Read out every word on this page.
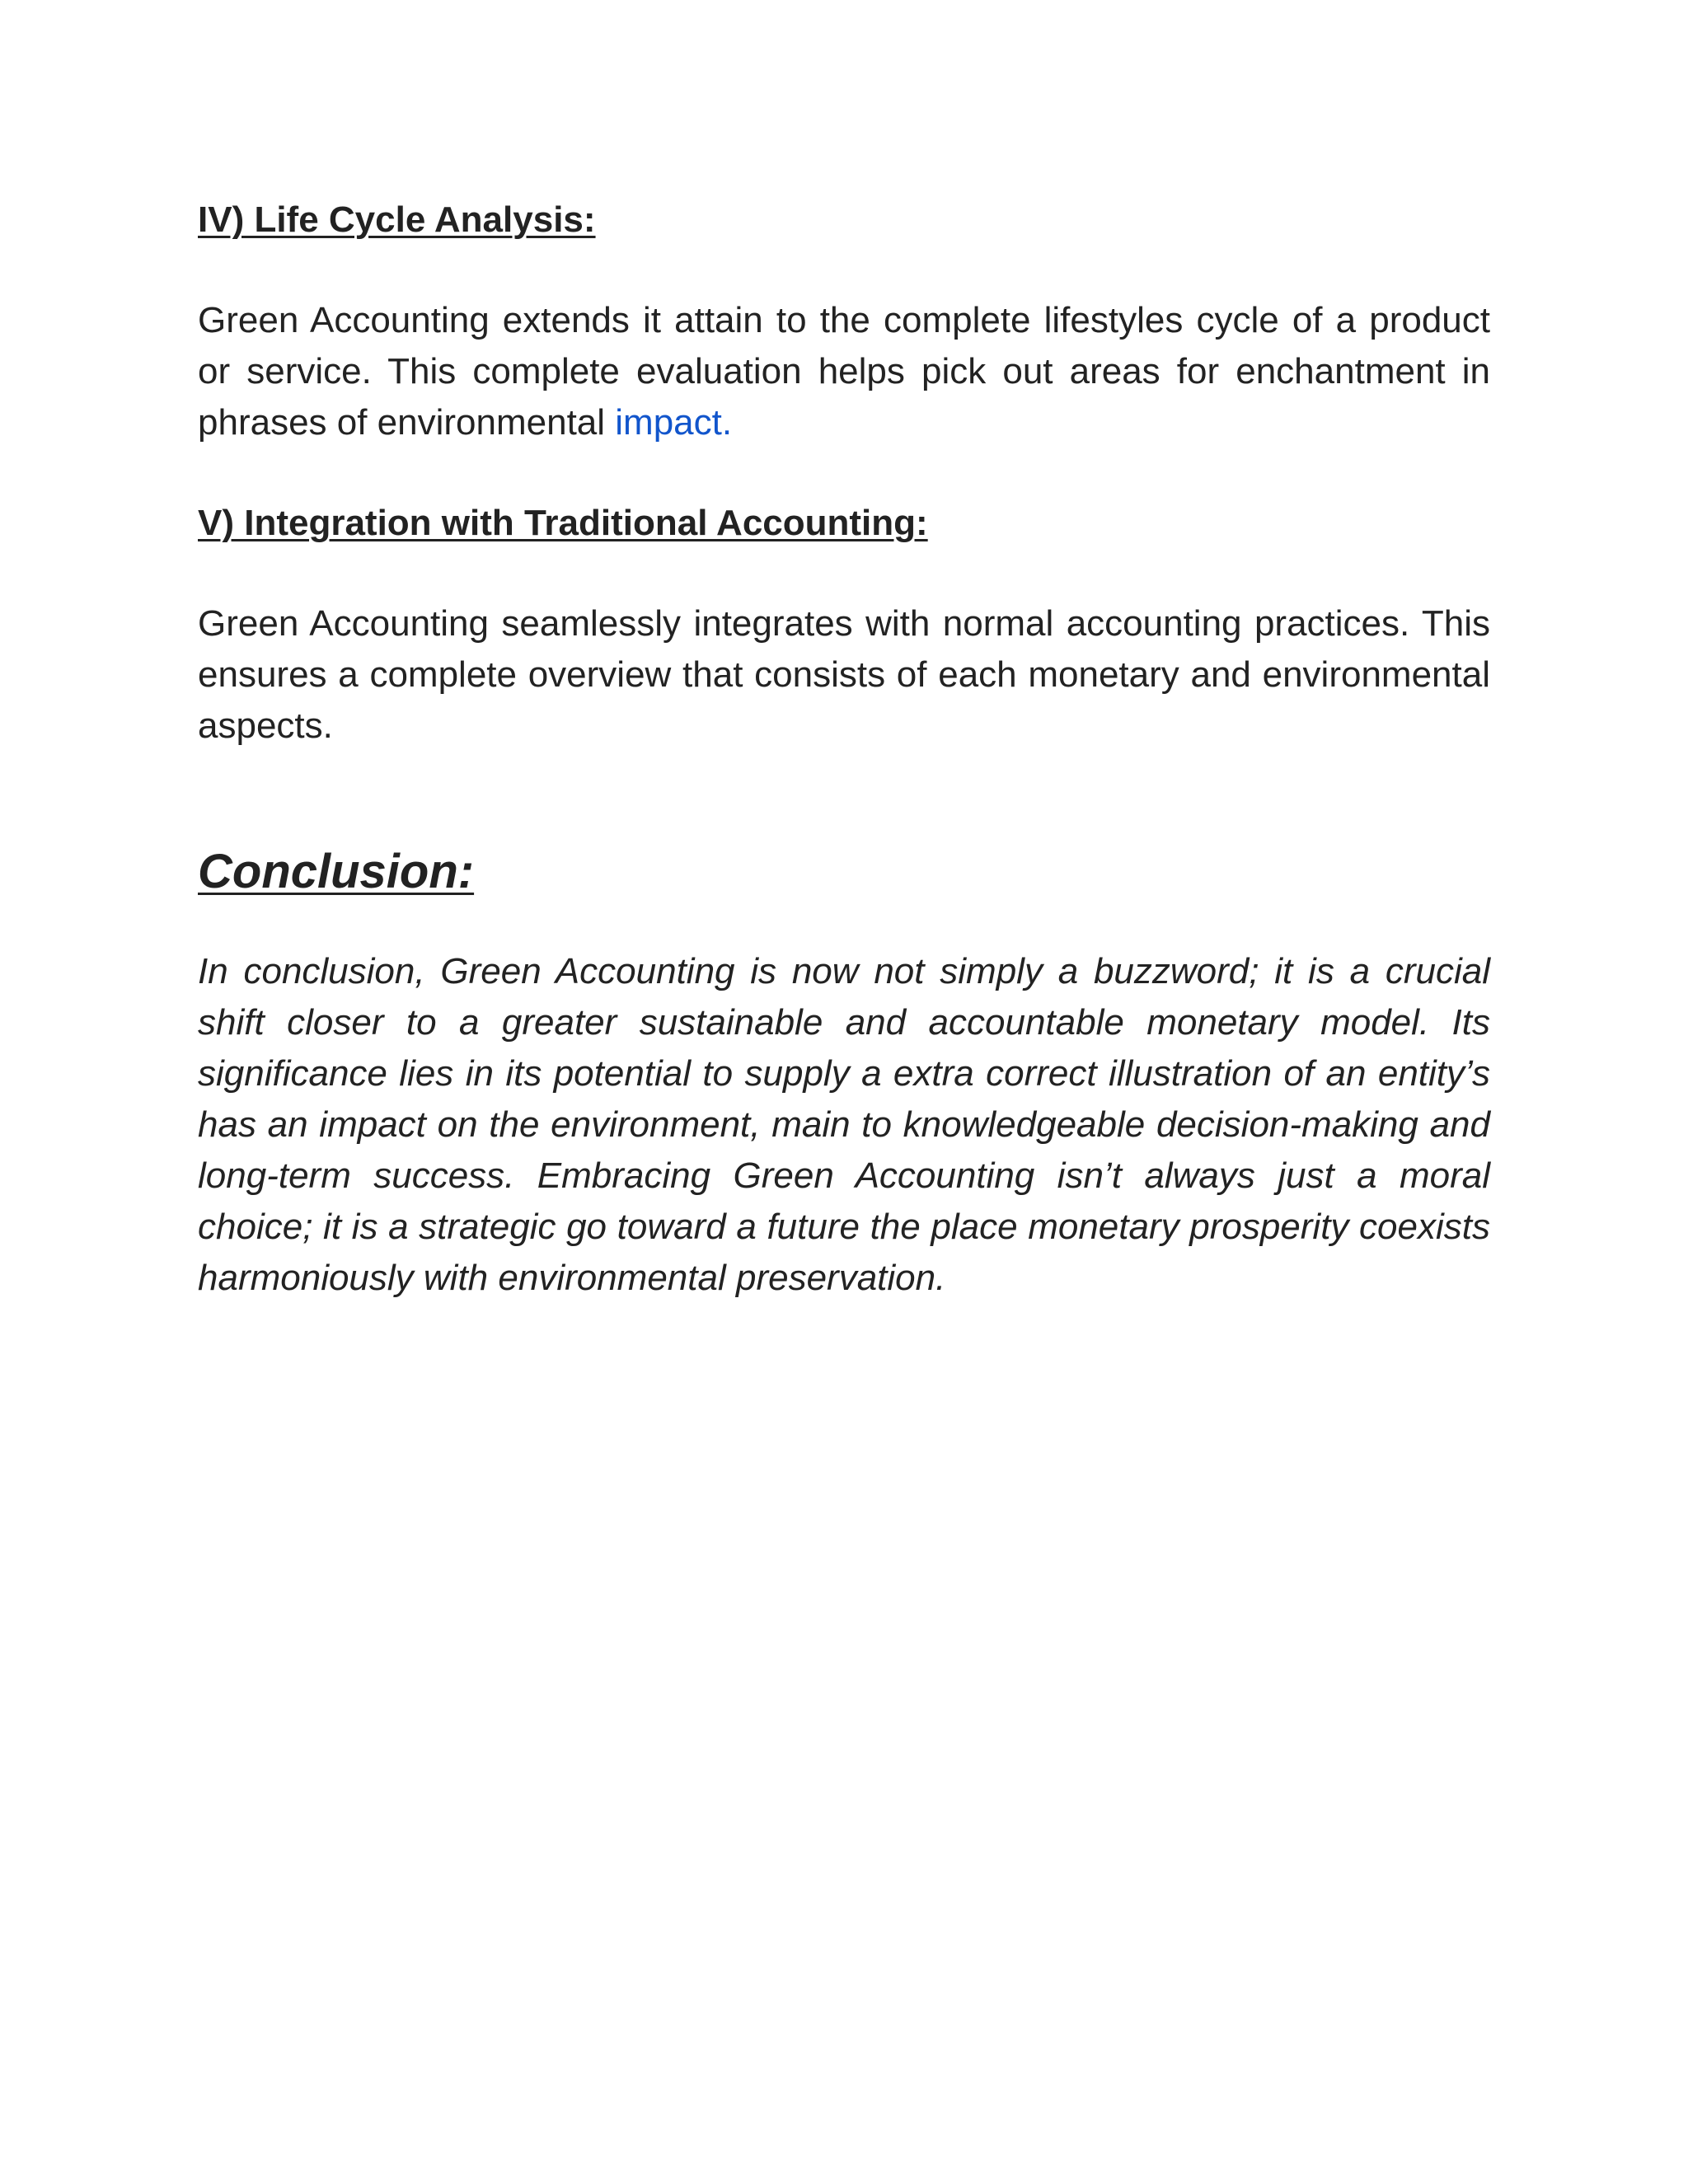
IV) Life Cycle Analysis:

Green Accounting extends it attain to the complete lifestyles cycle of a product or service. This complete evaluation helps pick out areas for enchantment in phrases of environmental impact.

V) Integration with Traditional Accounting:

Green Accounting seamlessly integrates with normal accounting practices. This ensures a complete overview that consists of each monetary and environmental aspects.

Conclusion:

In conclusion, Green Accounting is now not simply a buzzword; it is a crucial shift closer to a greater sustainable and accountable monetary model. Its significance lies in its potential to supply a extra correct illustration of an entity’s has an impact on the environment, main to knowledgeable decision-making and long-term success. Embracing Green Accounting isn’t always just a moral choice; it is a strategic go toward a future the place monetary prosperity coexists harmoniously with environmental preservation.
